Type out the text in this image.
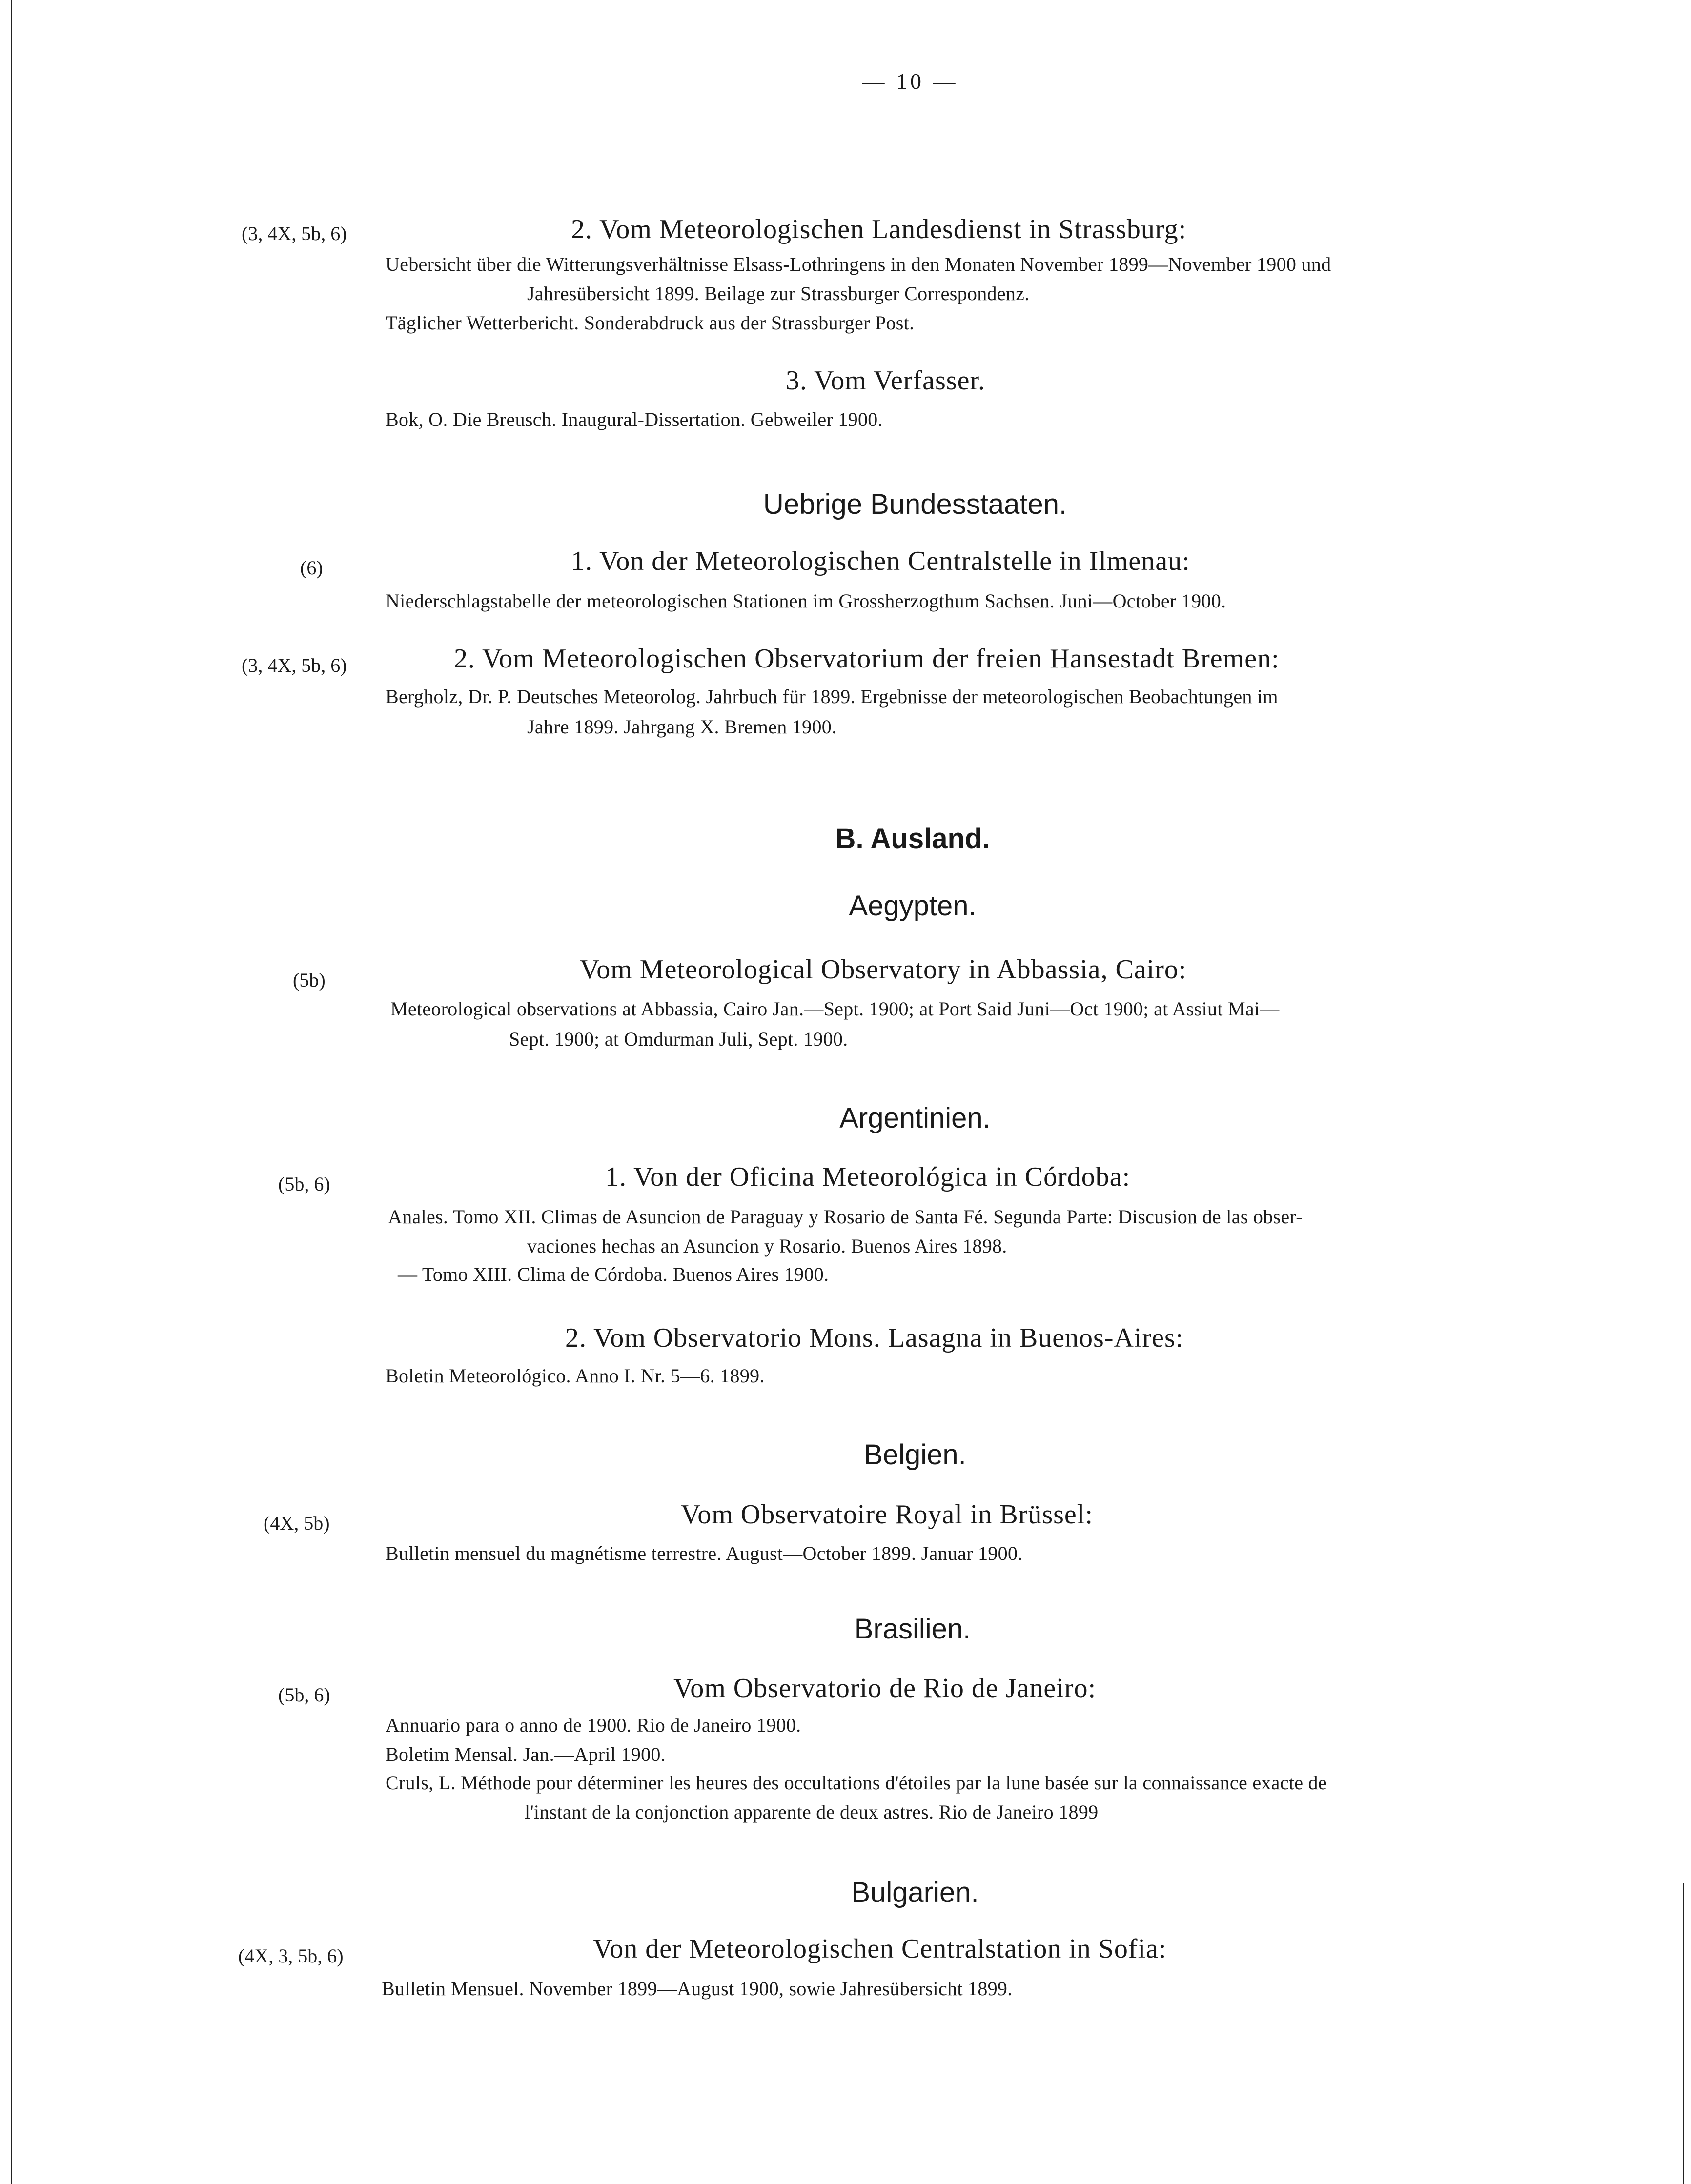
— 10 —
(3, 4X, 5b, 6)	2. Vom Meteorologischen Landesdienst in Strassburg:
Uebersicht über die Witterungsverhältnisse Elsass-Lothringens in den Monaten November 1899—November 1900 und
Jahresübersicht 1899. Beilage zur Strassburger Correspondenz.
Täglicher Wetterbericht. Sonderabdruck aus der Strassburger Post.
3. Vom Verfasser.
Bok, O. Die Breusch. Inaugural-Dissertation. Gebweiler 1900.
Uebrige Bundesstaaten.
(6)	1. Von der Meteorologischen Centralstelle in Ilmenau:
Niederschlagstabelle der meteorologischen Stationen im Grossherzogthum Sachsen. Juni—October 1900.
(3, 4X, 5b, 6)	2. Vom Meteorologischen Observatorium der freien Hansestadt Bremen:
Bergholz, Dr. P. Deutsches Meteorolog. Jahrbuch für 1899. Ergebnisse der meteorologischen Beobachtungen im
Jahre 1899. Jahrgang X. Bremen 1900.
B. Ausland.
Aegypten.
(5b)	Vom Meteorological Observatory in Abbassia, Cairo:
Meteorological observations at Abbassia, Cairo Jan.—Sept. 1900; at Port Said Juni—Oct 1900; at Assiut Mai—
Sept. 1900; at Omdurman Juli, Sept. 1900.
Argentinien.
(5b, 6)	1. Von der Oficina Meteorológica in Córdoba:
Anales. Tomo XII. Climas de Asuncion de Paraguay y Rosario de Santa Fé. Segunda Parte: Discusion de las obser-
vaciones hechas an Asuncion y Rosario. Buenos Aires 1898.
— Tomo XIII. Clima de Córdoba. Buenos Aires 1900.
2. Vom Observatorio Mons. Lasagna in Buenos-Aires:
Boletin Meteorológico. Anno I. Nr. 5—6. 1899.
Belgien.
(4X, 5b)	Vom Observatoire Royal in Brüssel:
Bulletin mensuel du magnétisme terrestre. August—October 1899. Januar 1900.
Brasilien.
(5b, 6)	Vom Observatorio de Rio de Janeiro:
Annuario para o anno de 1900. Rio de Janeiro 1900.
Boletim Mensal. Jan.—April 1900.
Cruls, L. Méthode pour déterminer les heures des occultations d'étoiles par la lune basée sur la connaissance exacte de
l'instant de la conjonction apparente de deux astres. Rio de Janeiro 1899
Bulgarien.
(4X, 3, 5b, 6)	Von der Meteorologischen Centralstation in Sofia:
Bulletin Mensuel. November 1899—August 1900, sowie Jahresübersicht 1899.
